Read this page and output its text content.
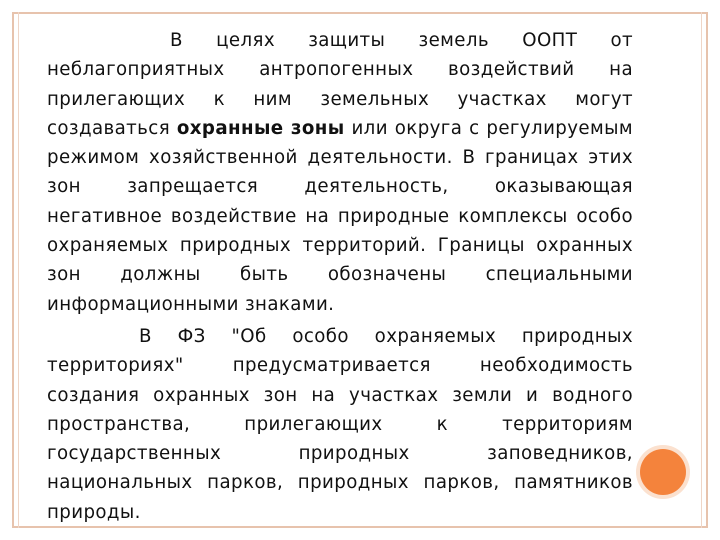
В целях защиты земель ООПТ от неблагоприятных антропогенных воздействий на прилегающих к ним земельных участках могут создаваться охранные зоны или округа с регулируемым режимом хозяйственной деятельности. В границах этих зон запрещается деятельность, оказывающая негативное воздействие на природные комплексы особо охраняемых природных территорий. Границы охранных зон должны быть обозначены специальными информационными знаками.

В ФЗ "Об особо охраняемых природных территориях" предусматривается необходимость создания охранных зон на участках земли и водного пространства, прилегающих к территориям государственных природных заповедников, национальных парков, природных парков, памятников природы.
